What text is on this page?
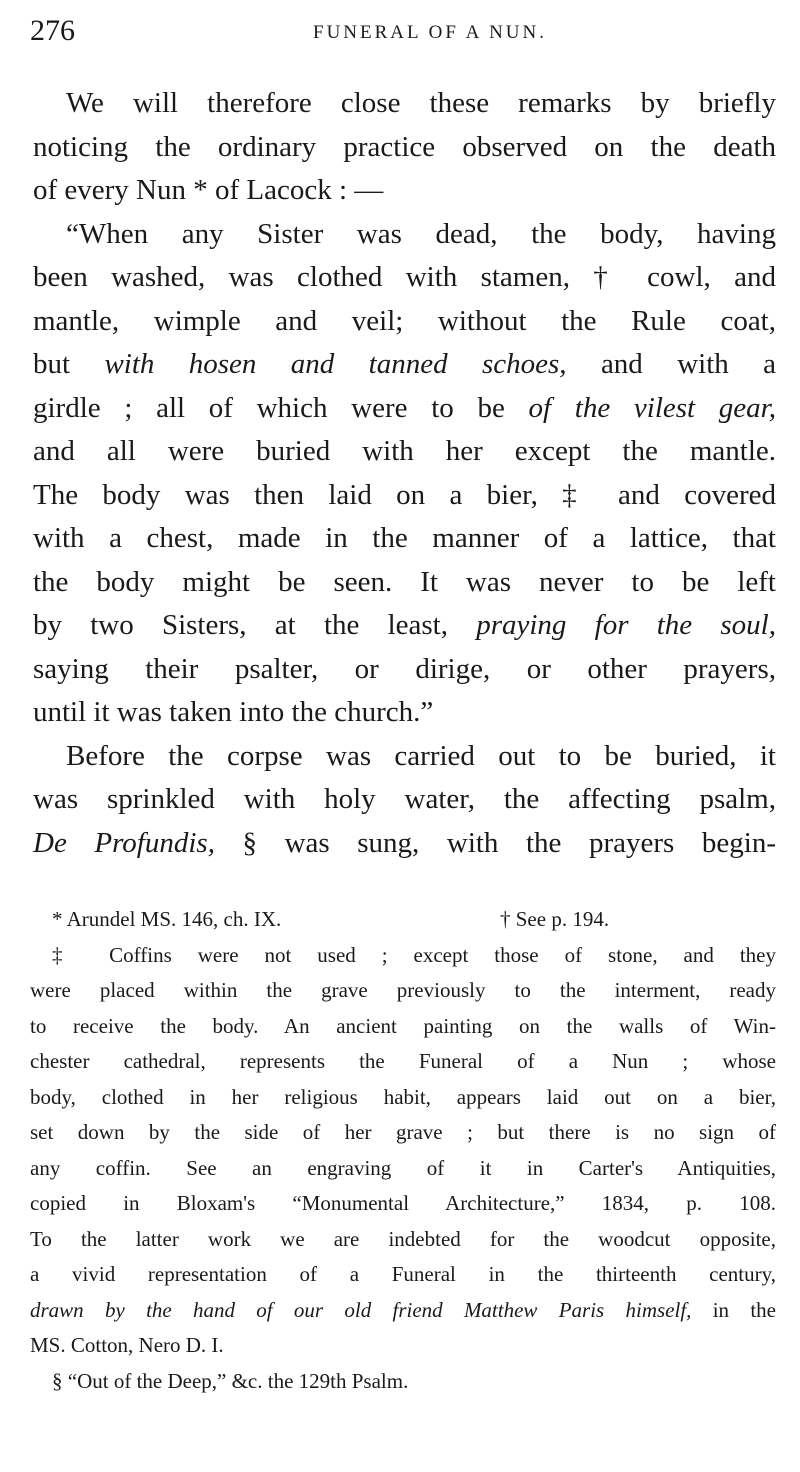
276	FUNERAL OF A NUN.
We will therefore close these remarks by briefly
noticing the ordinary practice observed on the death
of every Nun * of Lacock : —
“When any Sister was dead, the body, having
been washed, was clothed with stamen, † cowl, and
mantle, wimple and veil; without the Rule coat,
but with hosen and tanned schoes, and with a
girdle ; all of which were to be of the vilest gear,
and all were buried with her except the mantle.
The body was then laid on a bier, ‡ and covered
with a chest, made in the manner of a lattice, that
the body might be seen. It was never to be left
by two Sisters, at the least, praying for the soul,
saying their psalter, or dirige, or other prayers,
until it was taken into the church.”
Before the corpse was carried out to be buried, it
was sprinkled with holy water, the affecting psalm,
De Profundis, § was sung, with the prayers begin-
* Arundel MS. 146, ch. IX.	† See p. 194.
‡ Coffins were not used ; except those of stone, and they
were placed within the grave previously to the interment, ready
to receive the body. An ancient painting on the walls of Win-
chester cathedral, represents the Funeral of a Nun ; whose
body, clothed in her religious habit, appears laid out on a bier,
set down by the side of her grave ; but there is no sign of
any coffin. See an engraving of it in Carter's Antiquities,
copied in Bloxam's “Monumental Architecture,” 1834, p. 108.
To the latter work we are indebted for the woodcut opposite,
a vivid representation of a Funeral in the thirteenth century,
drawn by the hand of our old friend Matthew Paris himself, in the
MS. Cotton, Nero D. I.
§ “Out of the Deep,” &c. the 129th Psalm.
